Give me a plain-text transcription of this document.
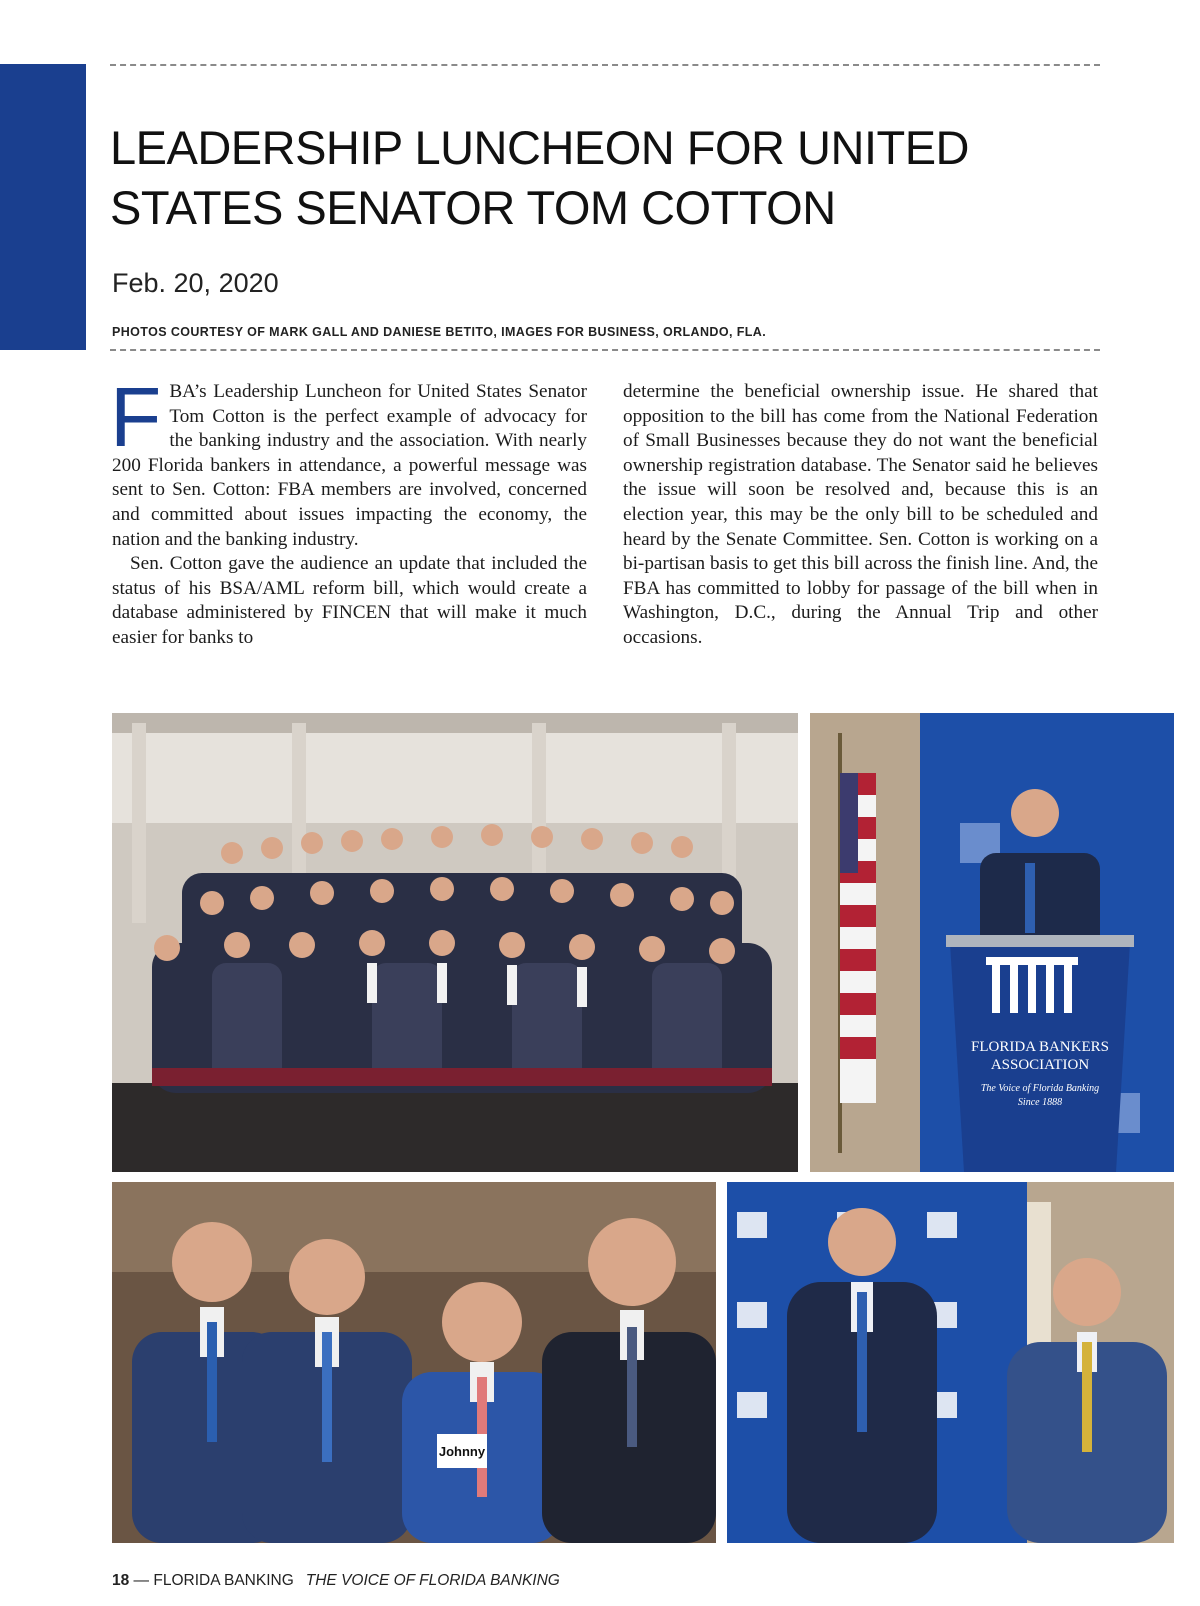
LEADERSHIP LUNCHEON FOR UNITED STATES SENATOR TOM COTTON
Feb. 20, 2020
PHOTOS COURTESY OF MARK GALL AND DANIESE BETITO, IMAGES FOR BUSINESS, ORLANDO, FLA.

FBA’s Leadership Luncheon for United States Senator Tom Cotton is the perfect example of advocacy for the banking industry and the association. With nearly 200 Florida bankers in attendance, a powerful message was sent to Sen. Cotton: FBA members are involved, concerned and committed about issues impacting the economy, the nation and the banking industry.

Sen. Cotton gave the audience an update that included the status of his BSA/AML reform bill, which would create a database administered by FINCEN that will make it much easier for banks to

determine the beneficial ownership issue. He shared that opposition to the bill has come from the National Federation of Small Businesses because they do not want the beneficial ownership registration database. The Senator said he believes the issue will soon be resolved and, because this is an election year, this may be the only bill to be scheduled and heard by the Senate Committee. Sen. Cotton is working on a bi-partisan basis to get this bill across the finish line. And, the FBA has committed to lobby for passage of the bill when in Washington, D.C., during the Annual Trip and other occasions.

FLORIDA BANKERS
ASSOCIATION
The Voice of Florida Banking
Since 1888
Johnny
18 — FLORIDA BANKING THE VOICE OF FLORIDA BANKING
